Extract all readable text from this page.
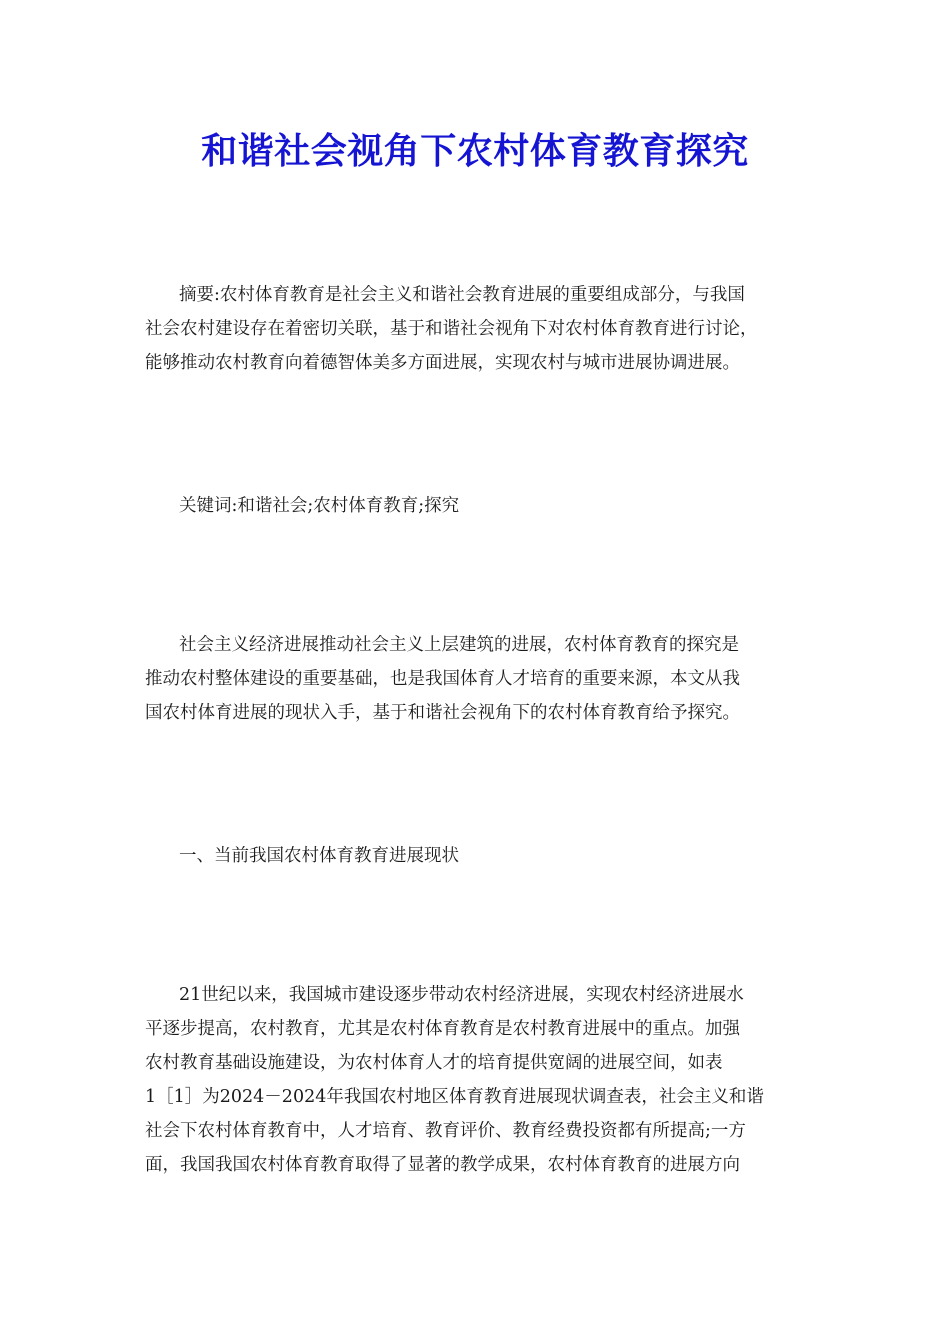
和谐社会视角下农村体育教育探究
摘要:农村体育教育是社会主义和谐社会教育进展的重要组成部分，与我国
社会农村建设存在着密切关联，基于和谐社会视角下对农村体育教育进行讨论，
能够推动农村教育向着德智体美多方面进展，实现农村与城市进展协调进展。
关键词:和谐社会;农村体育教育;探究
社会主义经济进展推动社会主义上层建筑的进展，农村体育教育的探究是
推动农村整体建设的重要基础，也是我国体育人才培育的重要来源，本文从我
国农村体育进展的现状入手，基于和谐社会视角下的农村体育教育给予探究。
一、当前我国农村体育教育进展现状
21世纪以来，我国城市建设逐步带动农村经济进展，实现农村经济进展水
平逐步提高，农村教育，尤其是农村体育教育是农村教育进展中的重点。加强
农村教育基础设施建设，为农村体育人才的培育提供宽阔的进展空间，如表
1［1］为2024－2024年我国农村地区体育教育进展现状调查表，社会主义和谐
社会下农村体育教育中，人才培育、教育评价、教育经费投资都有所提高;一方
面，我国我国农村体育教育取得了显著的教学成果，农村体育教育的进展方向
